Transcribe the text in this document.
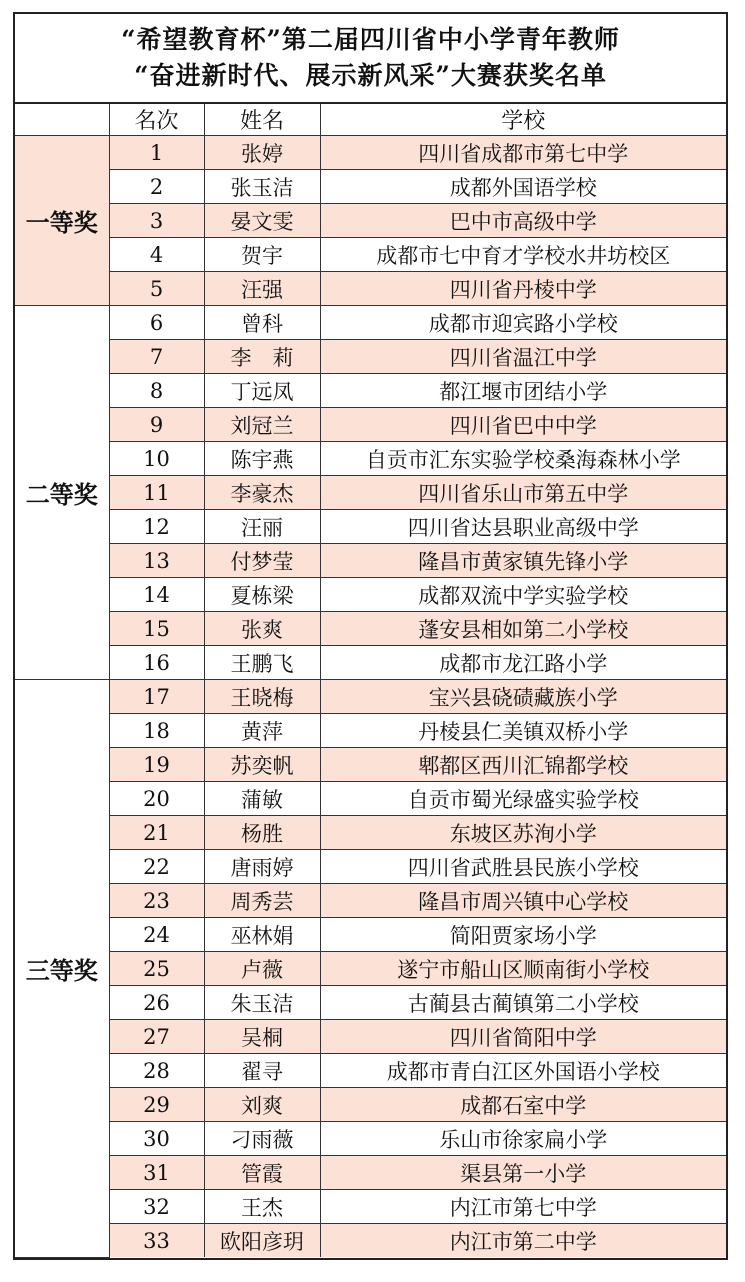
“希望教育杯”第二届四川省中小学青年教师
“奋进新时代、展示新风采”大赛获奖名单
	名次	姓名	学校
一等奖	1	张婷	四川省成都市第七中学
	2	张玉洁	成都外国语学校
	3	晏文雯	巴中市高级中学
	4	贺宇	成都市七中育才学校水井坊校区
	5	汪强	四川省丹棱中学
二等奖	6	曾科	成都市迎宾路小学校
	7	李　莉	四川省温江中学
	8	丁远凤	都江堰市团结小学
	9	刘冠兰	四川省巴中中学
	10	陈宇燕	自贡市汇东实验学校桑海森林小学
	11	李豪杰	四川省乐山市第五中学
	12	汪丽	四川省达县职业高级中学
	13	付梦莹	隆昌市黄家镇先锋小学
	14	夏栋梁	成都双流中学实验学校
	15	张爽	蓬安县相如第二小学校
	16	王鹏飞	成都市龙江路小学
三等奖	17	王晓梅	宝兴县硗碛藏族小学
	18	黄萍	丹棱县仁美镇双桥小学
	19	苏奕帆	郫都区西川汇锦都学校
	20	蒲敏	自贡市蜀光绿盛实验学校
	21	杨胜	东坡区苏洵小学
	22	唐雨婷	四川省武胜县民族小学校
	23	周秀芸	隆昌市周兴镇中心学校
	24	巫林娟	简阳贾家场小学
	25	卢薇	遂宁市船山区顺南街小学校
	26	朱玉洁	古蔺县古蔺镇第二小学校
	27	吴桐	四川省简阳中学
	28	翟寻	成都市青白江区外国语小学校
	29	刘爽	成都石室中学
	30	刁雨薇	乐山市徐家扁小学
	31	管霞	渠县第一小学
	32	王杰	内江市第七中学
	33	欧阳彦玥	内江市第二中学
